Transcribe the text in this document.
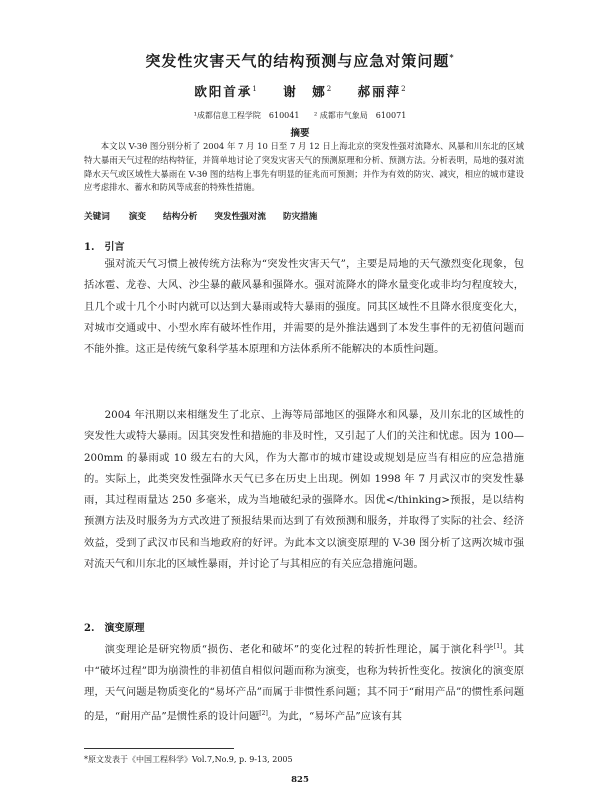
突发性灾害天气的结构预测与应急对策问题*
欧阳首承$^1$ 谢　娜$^2$ 郝丽萍$^2$
¹成都信息工程学院　610041 ² 成都市气象局　610071
摘要

本文以 V-3θ 图分别分析了 2004 年 7 月 10 日至 7 月 12 日上海北京的突发性强对流降水、风暴和川东北的区域特大暴雨天气过程的结构特征，并简单地讨论了突发灾害天气的预测原理和分析、预测方法。分析表明，局地的强对流降水天气或区域性大暴雨在 V-3θ 图的结构上事先有明显的征兆而可预测；并作为有效的防灾、减灾，相应的城市建设应考虑排水、蓄水和防风等成套的特殊性措施。

关键词 演变 结构分析 突发性强对流 防灾措施
1. 引言

强对流天气习惯上被传统方法称为“突发性灾害天气”，主要是局地的天气激烈变化现象，包括冰雹、龙卷、大风、沙尘暴的蔽风暴和强降水。强对流降水的降水量变化或非均匀程度较大，且几个或十几个小时内就可以达到大暴雨或特大暴雨的强度。同其区域性不且降水很度变化大，对城市交通或中、小型水库有破坏性作用，并需要的是外推法遇到了本发生事件的无初值问题而不能外推。这正是传统气象科学基本原理和方法体系所不能解决的本质性问题。

2004 年汛期以来相继发生了北京、上海等局部地区的强降水和风暴，及川东北的区域性的突发性大或特大暴雨。因其突发性和措施的非及时性，又引起了人们的关注和忧虑。因为 100—200mm 的暴雨或 10 级左右的大风，作为大都市的城市建设或规划是应当有相应的应急措施的。实际上，此类突发性强降水天气已多在历史上出现。例如 1998 年 7 月武汉市的突发性暴雨，其过程雨量达 250 多毫米，成为当地破纪录的强降水。因优</thinking>预报，是以结构预测方法及时服务为方式改进了预报结果而达到了有效预测和服务，并取得了实际的社会、经济效益，受到了武汉市民和当地政府的好评。为此本文以演变原理的 V-3θ 图分析了这两次城市强对流天气和川东北的区域性暴雨，并讨论了与其相应的有关应急措施问题。

2. 演变原理

演变理论是研究物质“损伤、老化和破坏”的变化过程的转折性理论，属于演化科学[1]。其中“破坏过程”即为崩溃性的非初值自相似问题而称为演变，也称为转折性变化。按演化的演变原理，天气问题是物质变化的“易坏产品”而属于非惯性系问题；其不同于“耐用产品”的惯性系问题的是，“耐用产品”是惯性系的设计问题[2]。为此，“易坏产品”应该有其

*原文发表于《中国工程科学》Vol.7,No.9, p. 9-13, 2005
825
